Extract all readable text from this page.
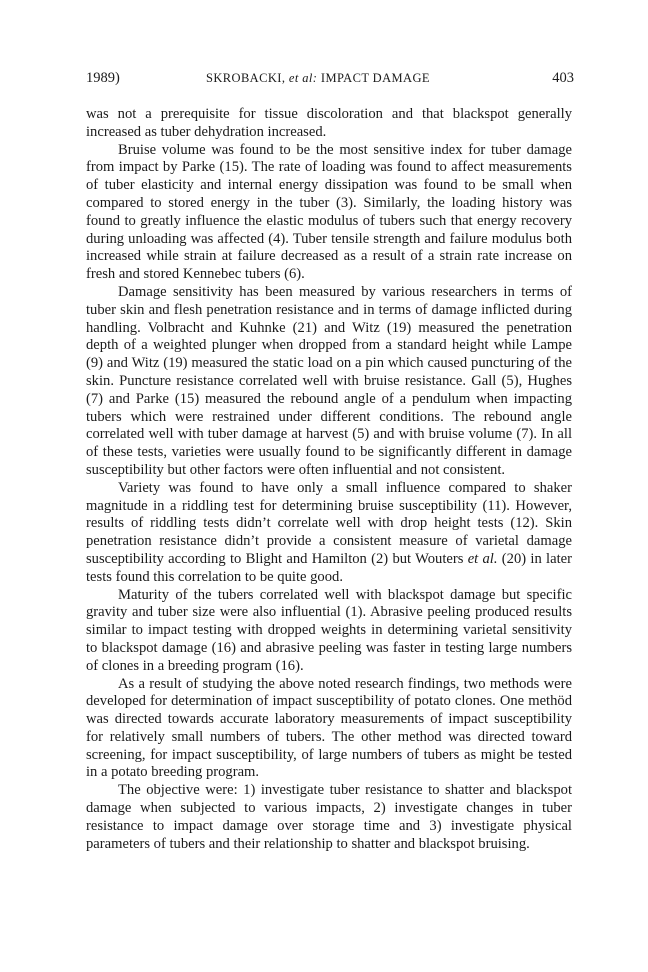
1989)	SKROBACKI, et al: IMPACT DAMAGE	403

was not a prerequisite for tissue discoloration and that blackspot generally increased as tuber dehydration increased.

Bruise volume was found to be the most sensitive index for tuber damage from impact by Parke (15). The rate of loading was found to affect measurements of tuber elasticity and internal energy dissipation was found to be small when compared to stored energy in the tuber (3). Similarly, the loading history was found to greatly influence the elastic modulus of tubers such that energy recovery during unloading was affected (4). Tuber tensile strength and failure modulus both increased while strain at failure decreased as a result of a strain rate increase on fresh and stored Kennebec tubers (6).

Damage sensitivity has been measured by various researchers in terms of tuber skin and flesh penetration resistance and in terms of damage inflicted during handling. Volbracht and Kuhnke (21) and Witz (19) measured the penetration depth of a weighted plunger when dropped from a standard height while Lampe (9) and Witz (19) measured the static load on a pin which caused puncturing of the skin. Puncture resistance correlated well with bruise resistance. Gall (5), Hughes (7) and Parke (15) measured the rebound angle of a pendulum when impacting tubers which were restrained under different conditions. The rebound angle correlated well with tuber damage at harvest (5) and with bruise volume (7). In all of these tests, varieties were usually found to be significantly different in damage susceptibility but other factors were often influential and not consistent.

Variety was found to have only a small influence compared to shaker magnitude in a riddling test for determining bruise susceptibility (11). However, results of riddling tests didn’t correlate well with drop height tests (12). Skin penetration resistance didn’t provide a consistent measure of varietal damage susceptibility according to Blight and Hamilton (2) but Wouters et al. (20) in later tests found this correlation to be quite good.

Maturity of the tubers correlated well with blackspot damage but specific gravity and tuber size were also influential (1). Abrasive peeling produced results similar to impact testing with dropped weights in determining varietal sensitivity to blackspot damage (16) and abrasive peeling was faster in testing large numbers of clones in a breeding program (16).

As a result of studying the above noted research findings, two methods were developed for determination of impact susceptibility of potato clones. One methöd was directed towards accurate laboratory measurements of impact susceptibility for relatively small numbers of tubers. The other method was directed toward screening, for impact susceptibility, of large numbers of tubers as might be tested in a potato breeding program.

The objective were: 1) investigate tuber resistance to shatter and blackspot damage when subjected to various impacts, 2) investigate changes in tuber resistance to impact damage over storage time and 3) investigate physical parameters of tubers and their relationship to shatter and blackspot bruising.
